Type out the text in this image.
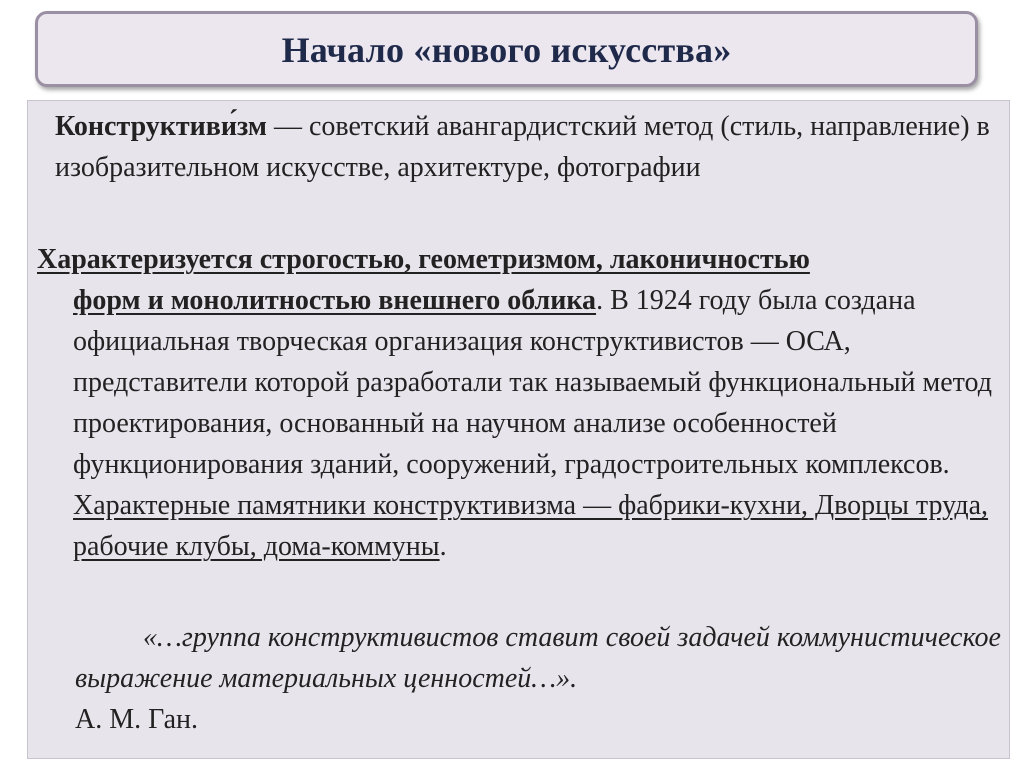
Начало «нового искусства»
Конструктиви́зм — советский авангардистский метод (стиль, направление) в изобразительном искусстве, архитектуре, фотографии
Характеризуется строгостью, геометризмом, лаконичностью
форм и монолитностью внешнего облика. В 1924 году была создана официальная творческая организация конструктивистов — ОСА, представители которой разработали так называемый функциональный метод проектирования, основанный на научном анализе особенностей функционирования зданий, сооружений, градостроительных комплексов. Характерные памятники конструктивизма — фабрики-кухни, Дворцы труда, рабочие клубы, дома-коммуны.
«…группа конструктивистов ставит своей задачей коммунистическое выражение материальных ценностей…».
А. М. Ган.
